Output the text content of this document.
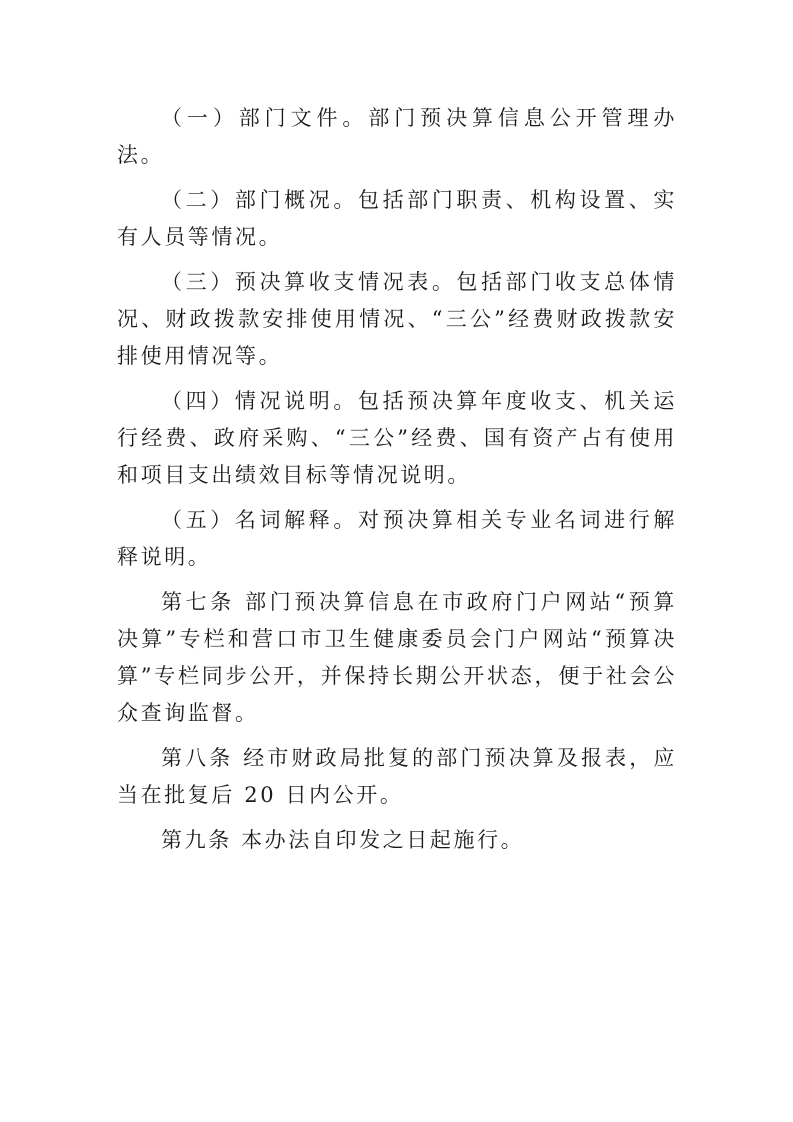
（一）部门文件。部门预决算信息公开管理办法。

（二）部门概况。包括部门职责、机构设置、实有人员等情况。

（三）预决算收支情况表。包括部门收支总体情况、财政拨款安排使用情况、“三公”经费财政拨款安排使用情况等。

（四）情况说明。包括预决算年度收支、机关运行经费、政府采购、“三公”经费、国有资产占有使用和项目支出绩效目标等情况说明。

（五）名词解释。对预决算相关专业名词进行解释说明。

第七条 部门预决算信息在市政府门户网站“预算决算”专栏和营口市卫生健康委员会门户网站“预算决算”专栏同步公开，并保持长期公开状态，便于社会公众查询监督。

第八条 经市财政局批复的部门预决算及报表，应当在批复后 20 日内公开。

第九条 本办法自印发之日起施行。
